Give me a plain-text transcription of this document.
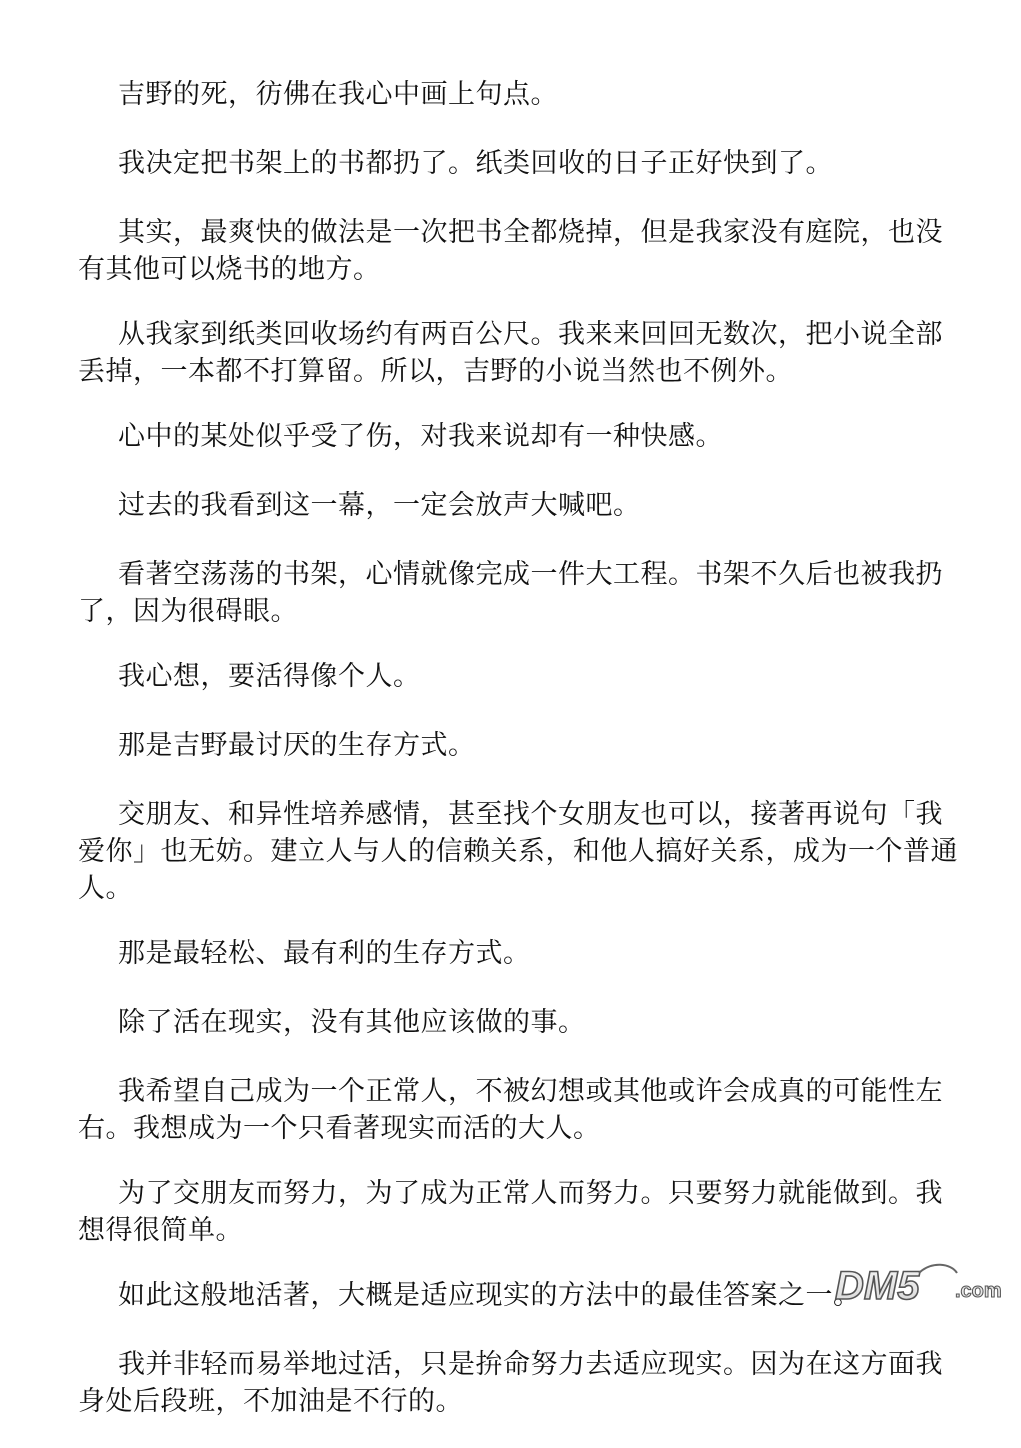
吉野的死，彷佛在我心中画上句点。

我决定把书架上的书都扔了。纸类回收的日子正好快到了。

其实，最爽快的做法是一次把书全都烧掉，但是我家没有庭院，也没有其他可以烧书的地方。

从我家到纸类回收场约有两百公尺。我来来回回无数次，把小说全部丢掉，一本都不打算留。所以，吉野的小说当然也不例外。

心中的某处似乎受了伤，对我来说却有一种快感。

过去的我看到这一幕，一定会放声大喊吧。

看著空荡荡的书架，心情就像完成一件大工程。书架不久后也被我扔了，因为很碍眼。

我心想，要活得像个人。

那是吉野最讨厌的生存方式。

交朋友、和异性培养感情，甚至找个女朋友也可以，接著再说句「我爱你」也无妨。建立人与人的信赖关系，和他人搞好关系，成为一个普通人。

那是最轻松、最有利的生存方式。

除了活在现实，没有其他应该做的事。

我希望自己成为一个正常人，不被幻想或其他或许会成真的可能性左右。我想成为一个只看著现实而活的大人。

为了交朋友而努力，为了成为正常人而努力。只要努力就能做到。我想得很简单。

如此这般地活著，大概是适应现实的方法中的最佳答案之一。

我并非轻而易举地过活，只是拚命努力去适应现实。因为在这方面我身处后段班，不加油是不行的。

DM5 .com
